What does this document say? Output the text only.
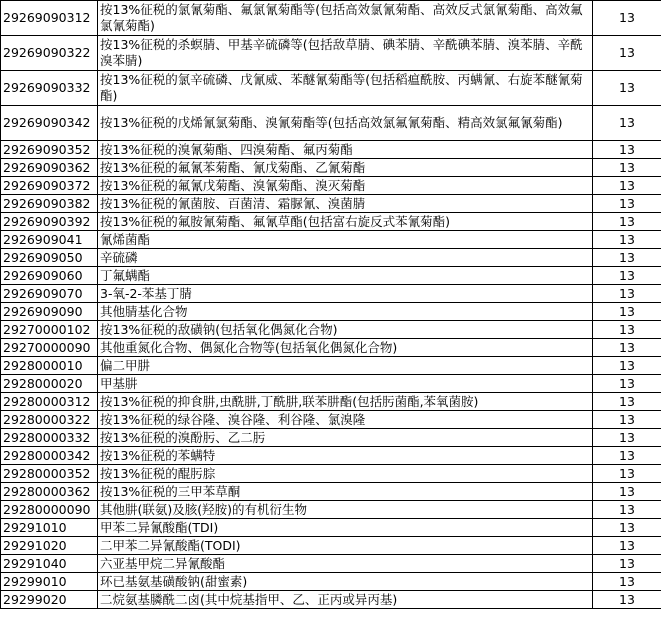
29269090312	按13%征税的氯氰菊酯、氟氯氰菊酯等(包括高效氯氰菊酯、高效反式氯氰菊酯、高效氟氯氰菊酯)	13
29269090322	按13%征税的杀螟腈、甲基辛硫磷等(包括敌草腈、碘苯腈、辛酰碘苯腈、溴苯腈、辛酰溴苯腈)	13
29269090332	按13%征税的氯辛硫磷、戊氰威、苯醚氰菊酯等(包括稻瘟酰胺、丙螨氰、右旋苯醚氰菊酯)	13
29269090342	按13%征税的戊烯氰氯菊酯、溴氰菊酯等(包括高效氯氟氰菊酯、精高效氯氟氰菊酯)	13
29269090352	按13%征税的溴氰菊酯、四溴菊酯、氟丙菊酯	13
29269090362	按13%征税的氟氰苯菊酯、氰戊菊酯、乙氰菊酯	13
29269090372	按13%征税的氟氰戊菊酯、溴氰菊酯、溴灭菊酯	13
29269090382	按13%征税的氰菌胺、百菌清、霜脲氰、溴菌腈	13
29269090392	按13%征税的氟胺氰菊酯、氟氰草酯(包括富右旋反式苯氰菊酯)	13
2926909041	氰烯菌酯	13
2926909050	辛硫磷	13
2926909060	丁氟螨酯	13
2926909070	3-氧-2-苯基丁腈	13
2926909090	其他腈基化合物	13
29270000102	按13%征税的敌磺钠(包括氧化偶氮化合物)	13
29270000090	其他重氮化合物、偶氮化合物等(包括氧化偶氮化合物)	13
2928000010	偏二甲肼	13
2928000020	甲基肼	13
29280000312	按13%征税的抑食肼,虫酰肼,丁酰肼,联苯肼酯(包括肟菌酯,苯氧菌胺)	13
29280000322	按13%征税的绿谷隆、溴谷隆、利谷隆、氯溴隆	13
29280000332	按13%征税的溴酚肟、乙二肟	13
29280000342	按13%征税的苯螨特	13
29280000352	按13%征税的醌肟腙	13
29280000362	按13%征税的三甲苯草酮	13
29280000090	其他肼(联氨)及胲(羟胺)的有机衍生物	13
29291010	甲苯二异氰酸酯(TDI)	13
29291020	二甲苯二异氰酸酯(TODI)	13
29291040	六亚基甲烷二异氰酸酯	13
29299010	环已基氨基磺酸钠(甜蜜素)	13
29299020	二烷氨基膦酰二卤(其中烷基指甲、乙、正丙或异丙基)	13
